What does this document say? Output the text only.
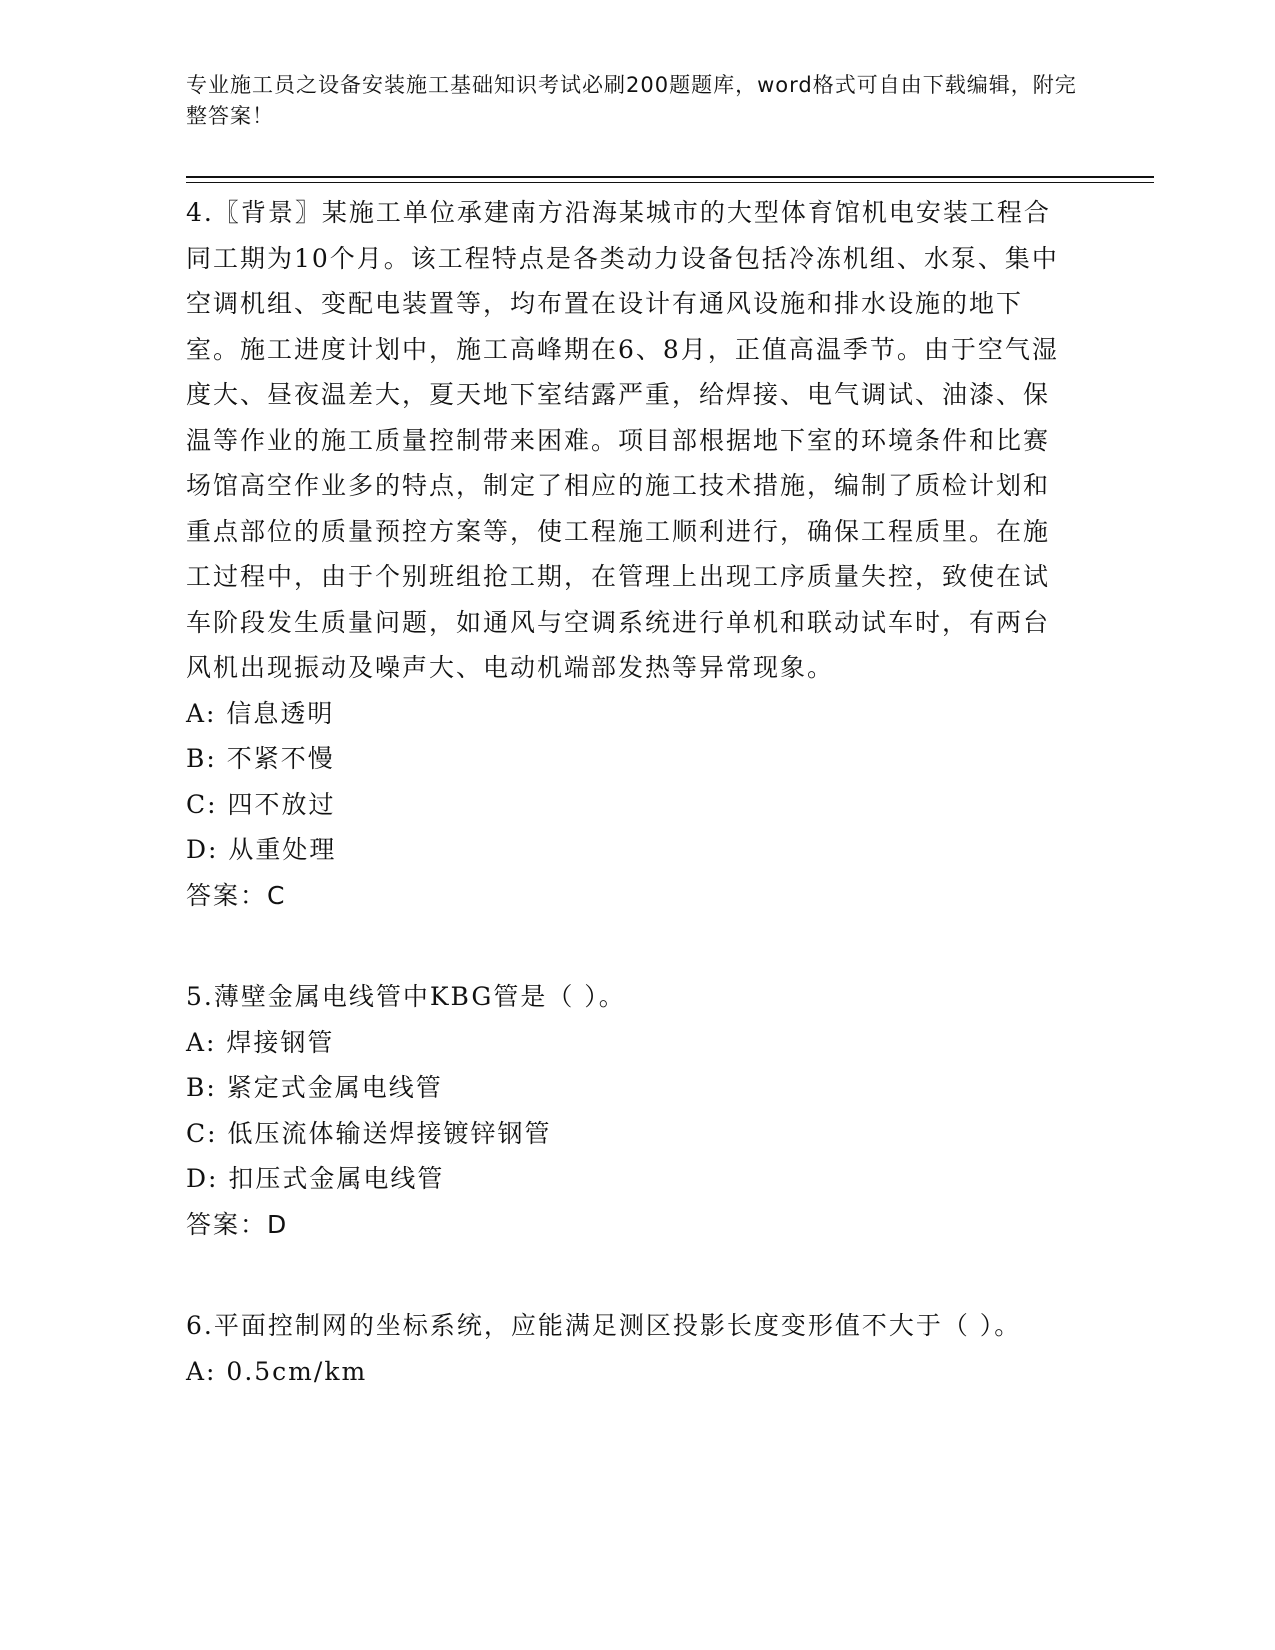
专业施工员之设备安装施工基础知识考试必刷200题题库，word格式可自由下载编辑，附完整答案！

4.〖背景〗某施工单位承建南方沿海某城市的大型体育馆机电安装工程合同工期为10个月。该工程特点是各类动力设备包括冷冻机组、水泵、集中空调机组、变配电装置等，均布置在设计有通风设施和排水设施的地下室。施工进度计划中，施工高峰期在6、8月，正值高温季节。由于空气湿度大、昼夜温差大，夏天地下室结露严重，给焊接、电气调试、油漆、保温等作业的施工质量控制带来困难。项目部根据地下室的环境条件和比赛场馆高空作业多的特点，制定了相应的施工技术措施，编制了质检计划和重点部位的质量预控方案等，使工程施工顺利进行，确保工程质里。在施工过程中，由于个别班组抢工期，在管理上出现工序质量失控，致使在试车阶段发生质量问题，如通风与空调系统进行单机和联动试车时，有两台风机出现振动及噪声大、电动机端部发热等异常现象。

A: 信息透明

B: 不紧不慢

C: 四不放过

D: 从重处理

答案：C

5.薄壁金属电线管中KBG管是（ ）。

A: 焊接钢管

B: 紧定式金属电线管

C: 低压流体输送焊接镀锌钢管

D: 扣压式金属电线管

答案：D

6.平面控制网的坐标系统，应能满足测区投影长度变形值不大于（ ）。

A: 0.5cm/km
